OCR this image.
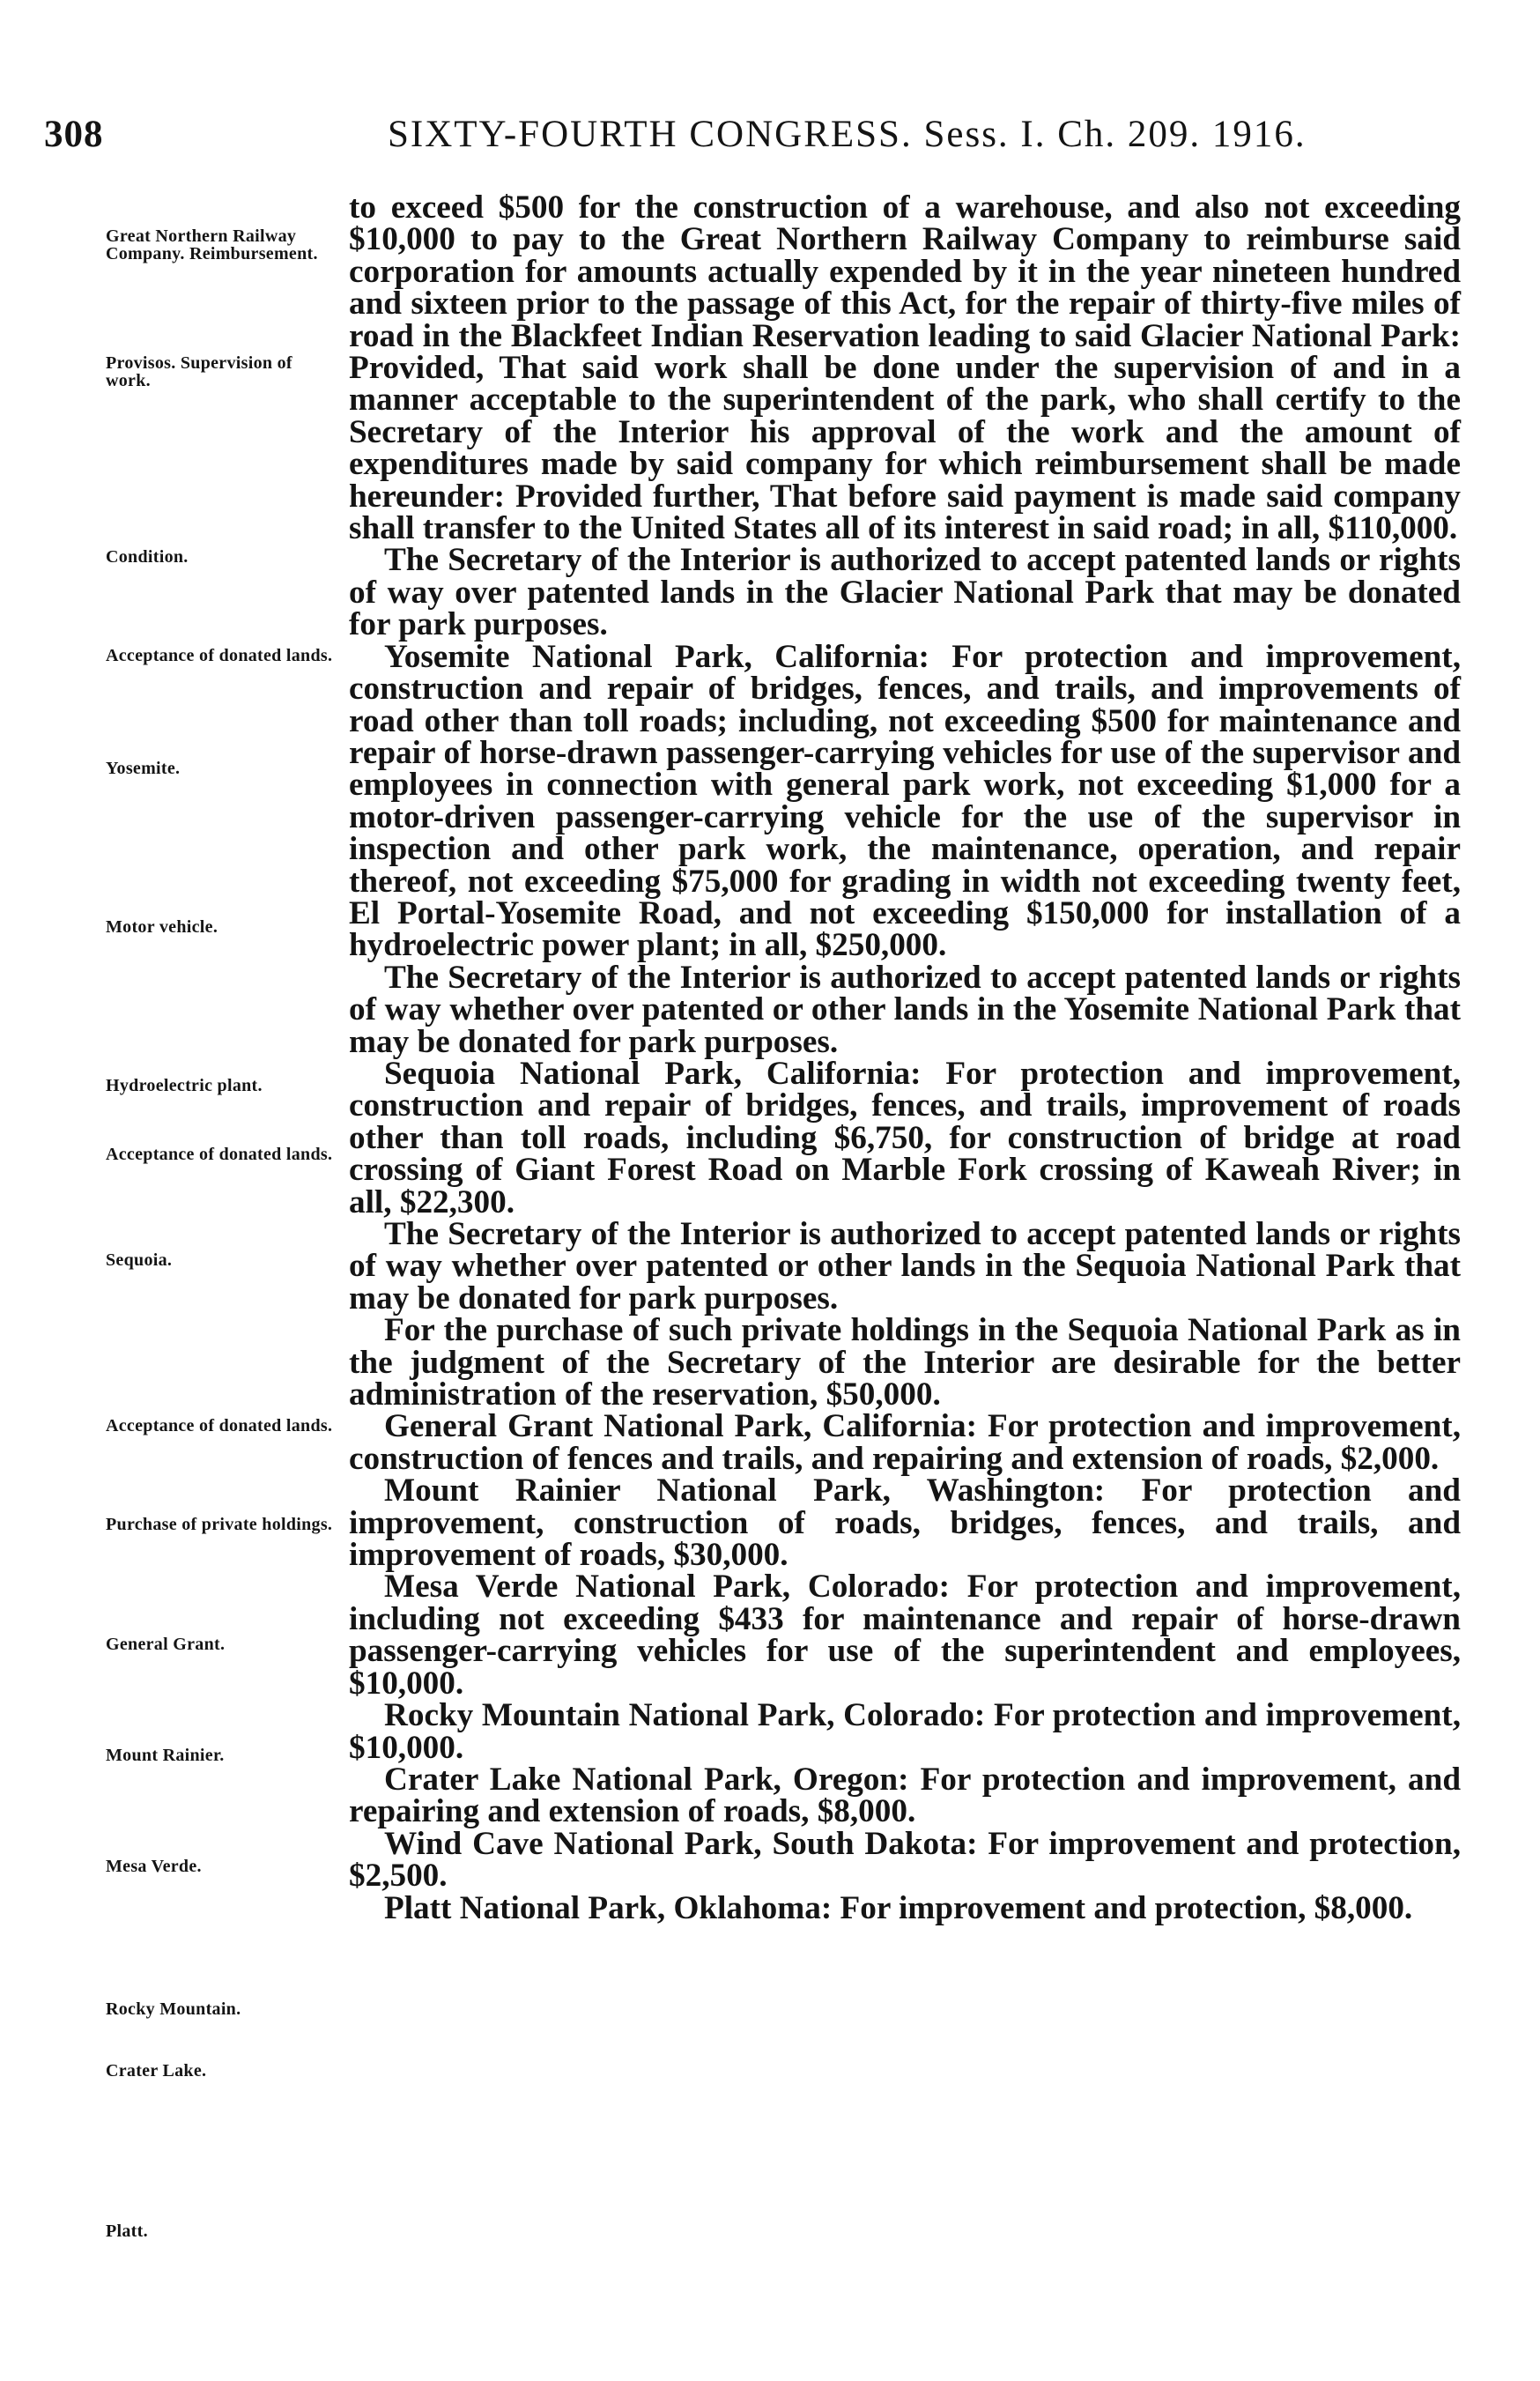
308	SIXTY-FOURTH CONGRESS. Sess. I. Ch. 209. 1916.

to exceed $500 for the construction of a warehouse, and also not exceeding $10,000 to pay to the Great Northern Railway Company to reimburse said corporation for amounts actually expended by it in the year nineteen hundred and sixteen prior to the passage of this Act, for the repair of thirty-five miles of road in the Blackfeet Indian Reservation leading to said Glacier National Park: Provided, That said work shall be done under the supervision of and in a manner acceptable to the superintendent of the park, who shall certify to the Secretary of the Interior his approval of the work and the amount of expenditures made by said company for which reimbursement shall be made hereunder: Provided further, That before said payment is made said company shall transfer to the United States all of its interest in said road; in all, $110,000.

The Secretary of the Interior is authorized to accept patented lands or rights of way over patented lands in the Glacier National Park that may be donated for park purposes.

Yosemite National Park, California: For protection and improvement, construction and repair of bridges, fences, and trails, and improvements of road other than toll roads; including, not exceeding $500 for maintenance and repair of horse-drawn passenger-carrying vehicles for use of the supervisor and employees in connection with general park work, not exceeding $1,000 for a motor-driven passenger-carrying vehicle for the use of the supervisor in inspection and other park work, the maintenance, operation, and repair thereof, not exceeding $75,000 for grading in width not exceeding twenty feet, El Portal-Yosemite Road, and not exceeding $150,000 for installation of a hydroelectric power plant; in all, $250,000.

The Secretary of the Interior is authorized to accept patented lands or rights of way whether over patented or other lands in the Yosemite National Park that may be donated for park purposes.

Sequoia National Park, California: For protection and improvement, construction and repair of bridges, fences, and trails, improvement of roads other than toll roads, including $6,750, for construction of bridge at road crossing of Giant Forest Road on Marble Fork crossing of Kaweah River; in all, $22,300.

The Secretary of the Interior is authorized to accept patented lands or rights of way whether over patented or other lands in the Sequoia National Park that may be donated for park purposes.

For the purchase of such private holdings in the Sequoia National Park as in the judgment of the Secretary of the Interior are desirable for the better administration of the reservation, $50,000.

General Grant National Park, California: For protection and improvement, construction of fences and trails, and repairing and extension of roads, $2,000.

Mount Rainier National Park, Washington: For protection and improvement, construction of roads, bridges, fences, and trails, and improvement of roads, $30,000.

Mesa Verde National Park, Colorado: For protection and improvement, including not exceeding $433 for maintenance and repair of horse-drawn passenger-carrying vehicles for use of the superintendent and employees, $10,000.

Rocky Mountain National Park, Colorado: For protection and improvement, $10,000.

Crater Lake National Park, Oregon: For protection and improvement, and repairing and extension of roads, $8,000.

Wind Cave National Park, South Dakota: For improvement and protection, $2,500.

Platt National Park, Oklahoma: For improvement and protection, $8,000.

Great Northern Railway Company. Reimbursement.
Provisos. Supervision of work.
Condition.
Acceptance of donated lands.
Yosemite.
Motor vehicle.
Hydroelectric plant.
Acceptance of donated lands.
Sequoia.
Acceptance of donated lands.
Purchase of private holdings.
General Grant.
Mount Rainier.
Mesa Verde.
Rocky Mountain.
Crater Lake.
Platt.
